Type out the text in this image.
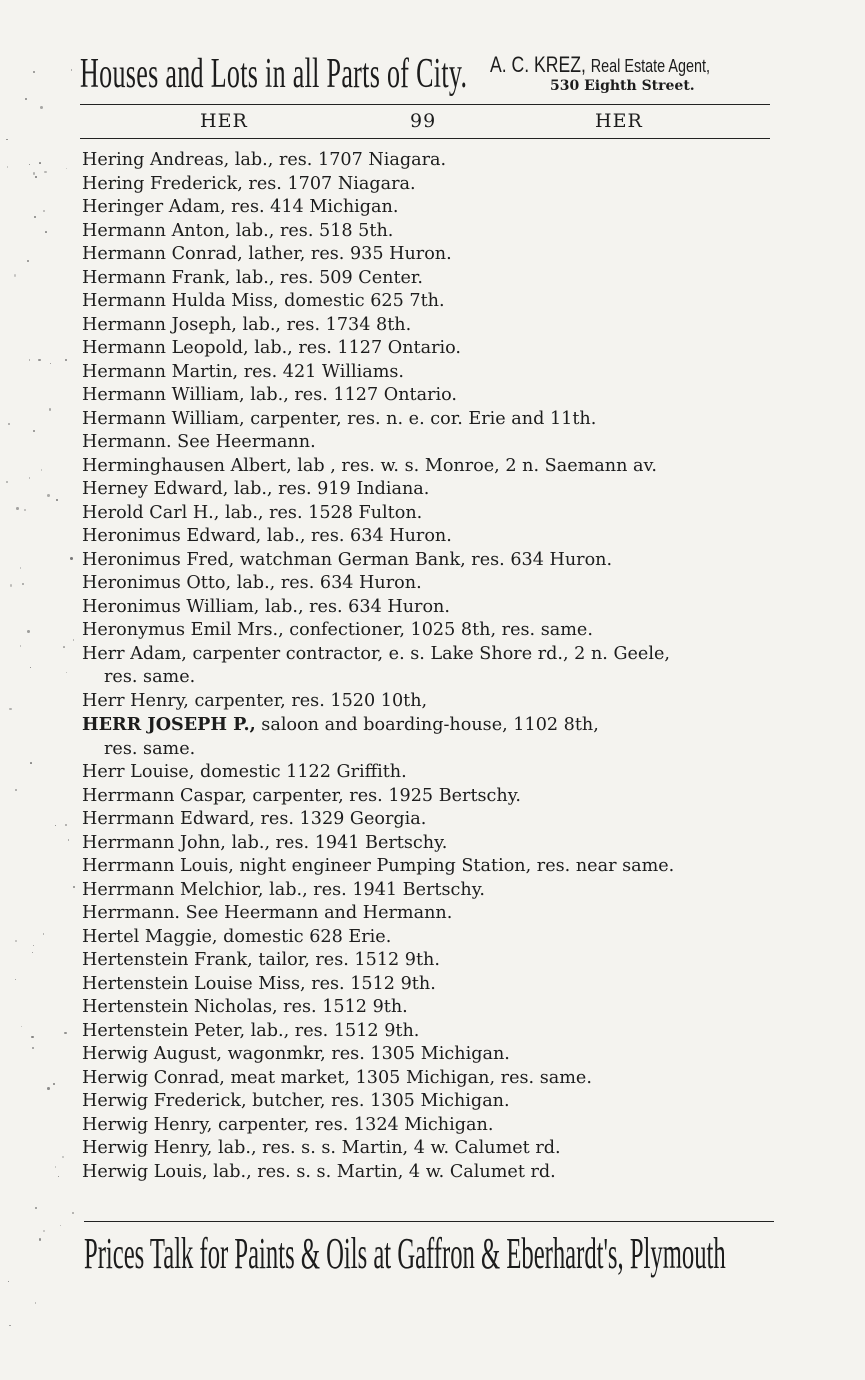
Houses and Lots in all Parts of City. A. C. KREZ, Real Estate Agent,
530 Eighth Street.
HER	99	HER
Hering Andreas, lab., res. 1707 Niagara.
Hering Frederick, res. 1707 Niagara.
Heringer Adam, res. 414 Michigan.
Hermann Anton, lab., res. 518 5th.
Hermann Conrad, lather, res. 935 Huron.
Hermann Frank, lab., res. 509 Center.
Hermann Hulda Miss, domestic 625 7th.
Hermann Joseph, lab., res. 1734 8th.
Hermann Leopold, lab., res. 1127 Ontario.
Hermann Martin, res. 421 Williams.
Hermann William, lab., res. 1127 Ontario.
Hermann William, carpenter, res. n. e. cor. Erie and 11th.
Hermann. See Heermann.
Herminghausen Albert, lab , res. w. s. Monroe, 2 n. Saemann av.
Herney Edward, lab., res. 919 Indiana.
Herold Carl H., lab., res. 1528 Fulton.
Heronimus Edward, lab., res. 634 Huron.
Heronimus Fred, watchman German Bank, res. 634 Huron.
Heronimus Otto, lab., res. 634 Huron.
Heronimus William, lab., res. 634 Huron.
Heronymus Emil Mrs., confectioner, 1025 8th, res. same.
Herr Adam, carpenter contractor, e. s. Lake Shore rd., 2 n. Geele,
res. same.
Herr Henry, carpenter, res. 1520 10th,
HERR JOSEPH P., saloon and boarding-house, 1102 8th,
res. same.
Herr Louise, domestic 1122 Griffith.
Herrmann Caspar, carpenter, res. 1925 Bertschy.
Herrmann Edward, res. 1329 Georgia.
Herrmann John, lab., res. 1941 Bertschy.
Herrmann Louis, night engineer Pumping Station, res. near same.
Herrmann Melchior, lab., res. 1941 Bertschy.
Herrmann. See Heermann and Hermann.
Hertel Maggie, domestic 628 Erie.
Hertenstein Frank, tailor, res. 1512 9th.
Hertenstein Louise Miss, res. 1512 9th.
Hertenstein Nicholas, res. 1512 9th.
Hertenstein Peter, lab., res. 1512 9th.
Herwig August, wagonmkr, res. 1305 Michigan.
Herwig Conrad, meat market, 1305 Michigan, res. same.
Herwig Frederick, butcher, res. 1305 Michigan.
Herwig Henry, carpenter, res. 1324 Michigan.
Herwig Henry, lab., res. s. s. Martin, 4 w. Calumet rd.
Herwig Louis, lab., res. s. s. Martin, 4 w. Calumet rd.
Prices Talk for Paints & Oils at Gaffron & Eberhardt's, Plymouth
